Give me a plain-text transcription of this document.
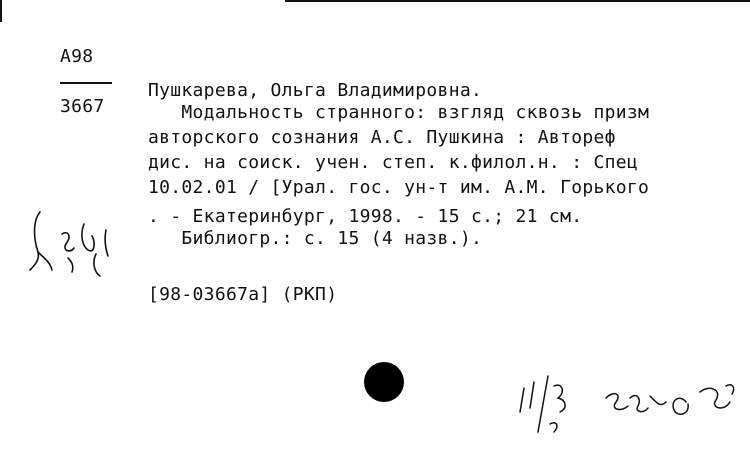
А98
3667
Пушкарева, Ольга Владимировна.
Модальность странного: взгляд сквозь призм
авторского сознания А.С. Пушкина : Автореф
дис. на соиск. учен. степ. к.филол.н. : Спец
10.02.01 / [Урал. гос. ун-т им. А.М. Горького
. - Екатеринбург, 1998. - 15 с.; 21 см.
Библиогр.: с. 15 (4 назв.).
[98-03667а] (РКП)
